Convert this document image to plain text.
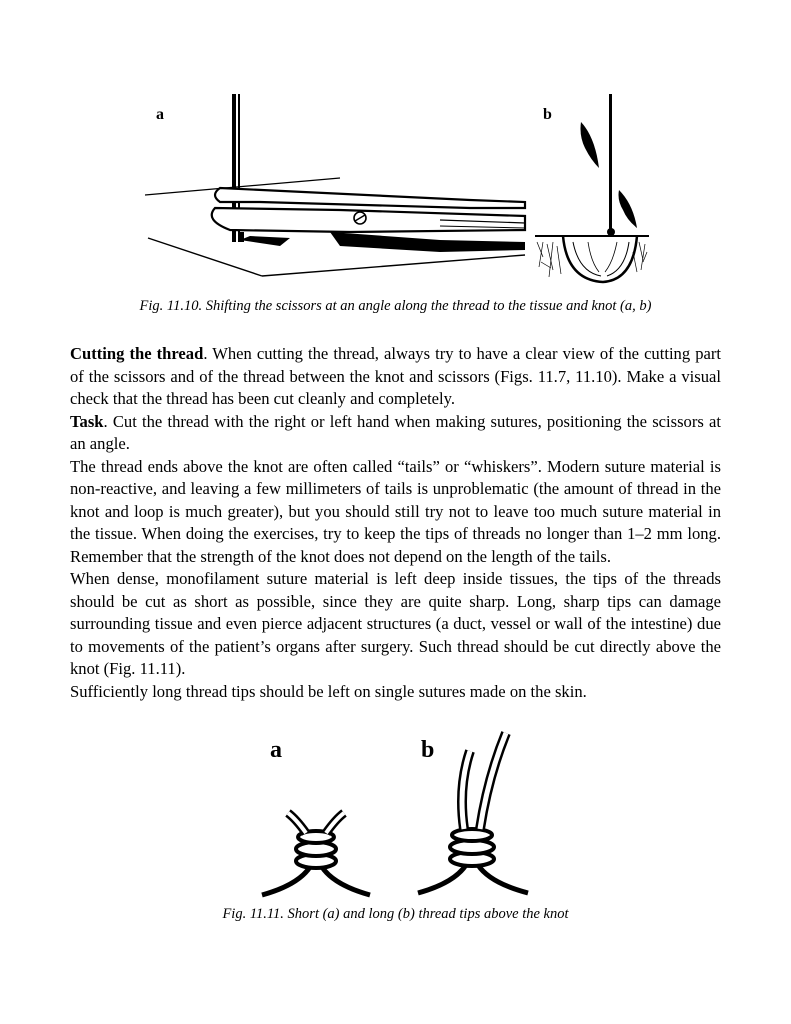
a	b
Fig. 11.10. Shifting the scissors at an angle along the thread to the tissue and knot (a, b)

Cutting the thread. When cutting the thread, always try to have a clear view of the cutting part of the scissors and of the thread between the knot and scissors (Figs. 11.7, 11.10). Make a visual check that the thread has been cut cleanly and completely.

Task. Cut the thread with the right or left hand when making sutures, positioning the scissors at an angle.

The thread ends above the knot are often called “tails” or “whiskers”. Modern suture material is non-reactive, and leaving a few millimeters of tails is unproblematic (the amount of thread in the knot and loop is much greater), but you should still try not to leave too much suture material in the tissue. When doing the exercises, try to keep the tips of threads no longer than 1–2 mm long. Remember that the strength of the knot does not depend on the length of the tails.

When dense, monofilament suture material is left deep inside tissues, the tips of the threads should be cut as short as possible, since they are quite sharp. Long, sharp tips can damage surrounding tissue and even pierce adjacent structures (a duct, vessel or wall of the intestine) due to movements of the patient’s organs after surgery. Such thread should be cut directly above the knot (Fig. 11.11).

Sufficiently long thread tips should be left on single sutures made on the skin.

a	b
Fig. 11.11. Short (a) and long (b) thread tips above the knot
